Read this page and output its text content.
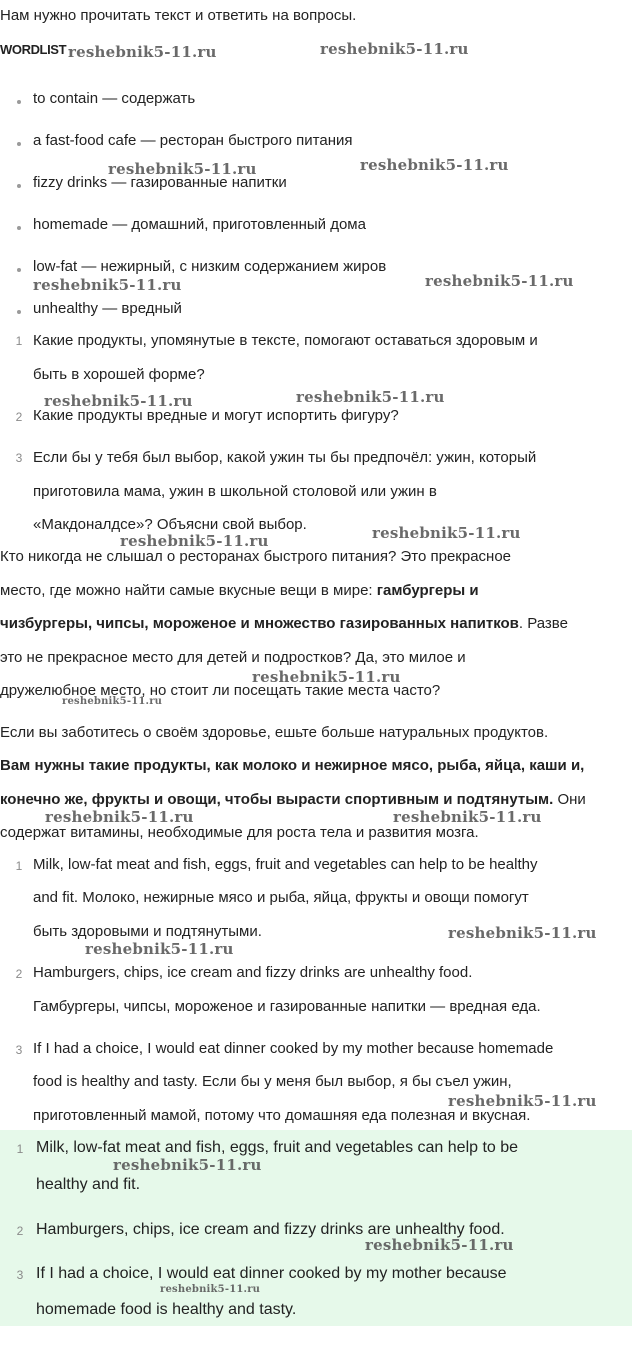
Нам нужно прочитать текст и ответить на вопросы.
WORDLIST
to contain — содержать
a fast-food cafe — ресторан быстрого питания
fizzy drinks — газированные напитки
homemade — домашний, приготовленный дома
low-fat — нежирный, с низким содержанием жиров
unhealthy — вредный
1 Какие продукты, упомянутые в тексте, помогают оставаться здоровым и
быть в хорошей форме?
2 Какие продукты вредные и могут испортить фигуру?
3 Если бы у тебя был выбор, какой ужин ты бы предпочёл: ужин, который
приготовила мама, ужин в школьной столовой или ужин в
«Макдоналдсе»? Объясни свой выбор.
Кто никогда не слышал о ресторанах быстрого питания? Это прекрасное
место, где можно найти самые вкусные вещи в мире: гамбургеры и
чизбургеры, чипсы, мороженое и множество газированных напитков. Разве
это не прекрасное место для детей и подростков? Да, это милое и
дружелюбное место, но стоит ли посещать такие места часто?
Если вы заботитесь о своём здоровье, ешьте больше натуральных продуктов.
Вам нужны такие продукты, как молоко и нежирное мясо, рыба, яйца, каши и,
конечно же, фрукты и овощи, чтобы вырасти спортивным и подтянутым. Они
содержат витамины, необходимые для роста тела и развития мозга.
1 Milk, low-fat meat and fish, eggs, fruit and vegetables can help to be healthy
and fit. Молоко, нежирные мясо и рыба, яйца, фрукты и овощи помогут
быть здоровыми и подтянутыми.
2 Hamburgers, chips, ice cream and fizzy drinks are unhealthy food.
Гамбургеры, чипсы, мороженое и газированные напитки — вредная еда.
3 If I had a choice, I would eat dinner cooked by my mother because homemade
food is healthy and tasty. Если бы у меня был выбор, я бы съел ужин,
приготовленный мамой, потому что домашняя еда полезная и вкусная.
1 Milk, low-fat meat and fish, eggs, fruit and vegetables can help to be
healthy and fit.
2 Hamburgers, chips, ice cream and fizzy drinks are unhealthy food.
3 If I had a choice, I would eat dinner cooked by my mother because
homemade food is healthy and tasty.
reshebnik5-11.ru	reshebnik5-11.ru
reshebnik5-11.ru	reshebnik5-11.ru
reshebnik5-11.ru	reshebnik5-11.ru
reshebnik5-11.ru	reshebnik5-11.ru
reshebnik5-11.ru	reshebnik5-11.ru
reshebnik5-11.ru
reshebnik5-11.ru
reshebnik5-11.ru	reshebnik5-11.ru
reshebnik5-11.ru
reshebnik5-11.ru
reshebnik5-11.ru
reshebnik5-11.ru
reshebnik5-11.ru
reshebnik5-11.ru
